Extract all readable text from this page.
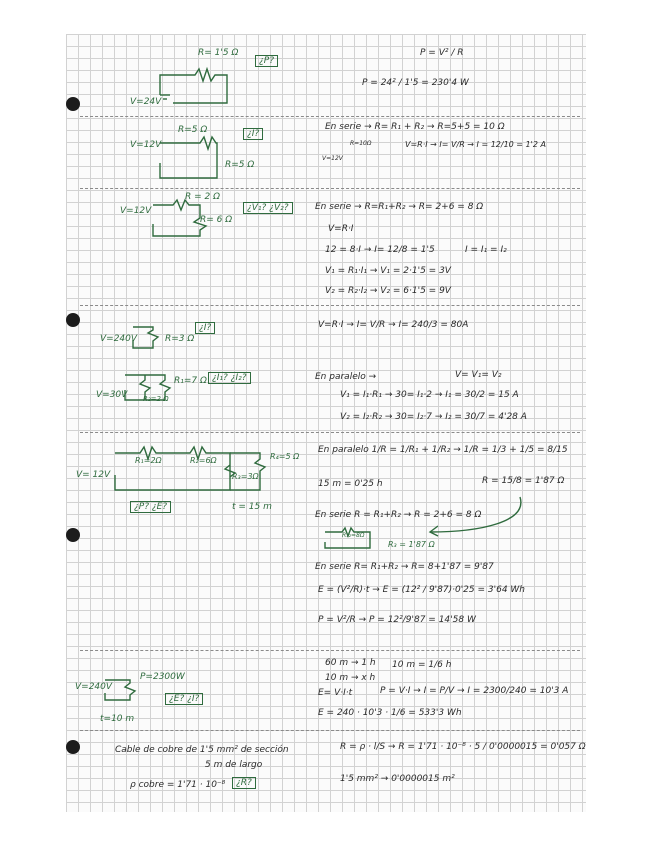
R= 1'5 Ω
¿P?
V=24V
P = V² / R
P = 24² / 1'5 = 230'4 W
R=5 Ω	¿I?
V=12V
R=5 Ω
En serie → R= R₁ + R₂ → R=5+5 = 10 Ω
R=10Ω
V=12V
V=R·I → I= V/R → I = 12/10 = 1'2 A
R = 2 Ω
V=12V
R= 6 Ω
¿V₁? ¿V₂?	En serie → R=R₁+R₂ → R= 2+6 = 8 Ω
V=R·I
12 = 8·I → I= 12/8 = 1'5	I = I₁ = I₂
V₁ = R₁·I₁ → V₁ = 2·1'5 = 3V
V₂ = R₂·I₂ → V₂ = 6·1'5 = 9V
V=240V	R=3 Ω
¿I?	V=R·I → I= V/R → I= 240/3 = 80A
R₁=7 Ω
R₂=2 Ω
V=30V
¿I₁? ¿I₂?	En paralelo →	V= V₁= V₂
V₁ = I₁·R₁ → 30= I₁·2 → I₁ = 30/2 = 15 A
V₂ = I₂·R₂ → 30= I₂·7 → I₂ = 30/7 = 4'28 A
R₁=2Ω	R₂=6Ω
R₃=3Ω
R₄=5 Ω
V= 12V
¿P? ¿E?	t = 15 m
En paralelo 1/R = 1/R₁ + 1/R₂ → 1/R = 1/3 + 1/5 = 8/15
15 m = 0'25 h	R = 15/8 = 1'87 Ω
En serie R = R₁+R₂ → R = 2+6 = 8 Ω
R₁₂=8Ω
R₃ = 1'87 Ω
En serie R= R₁+R₂ → R= 8+1'87 = 9'87
E = (V²/R)·t → E = (12² / 9'87)·0'25 = 3'64 Wh
P = V²/R → P = 12²/9'87 = 14'58 W
V=240V
P=2300W
¿E? ¿I?
t=10 m
60 m → 1 h
10 m → x h
10 m = 1/6 h
E= V·I·t	P = V·I → I = P/V → I = 2300/240 = 10'3 A
E = 240 · 10'3 · 1/6 = 533'3 Wh
Cable de cobre de 1'5 mm² de sección
5 m de largo
ρ cobre = 1'71 · 10⁻⁸	¿R?
R = ρ · l/S → R = 1'71 · 10⁻⁸ · 5 / 0'0000015 = 0'057 Ω
1'5 mm² → 0'0000015 m²
